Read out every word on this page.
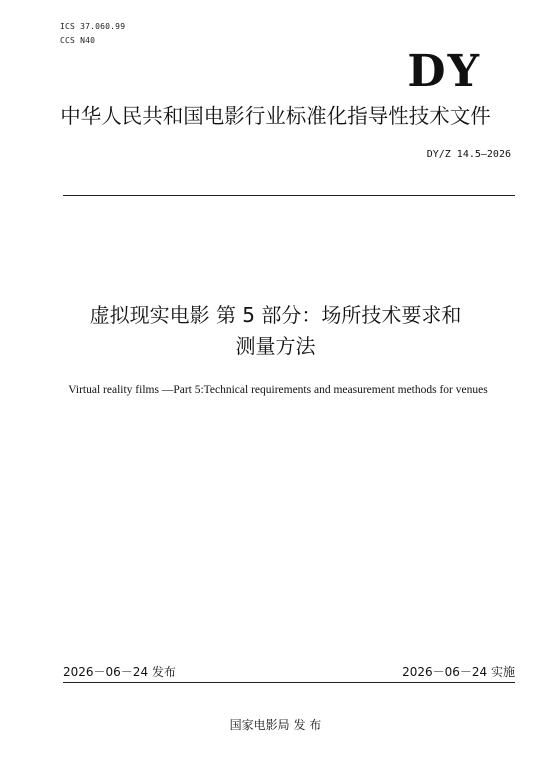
ICS 37.060.99
CCS N40
DY
中华人民共和国电影行业标准化指导性技术文件
DY/Z 14.5—2026
虚拟现实电影 第 5 部分：场所技术要求和
测量方法
Virtual reality films —Part 5:Technical requirements and measurement methods for venues
2026－06－24 发布	2026－06－24 实施
国家电影局 发 布
